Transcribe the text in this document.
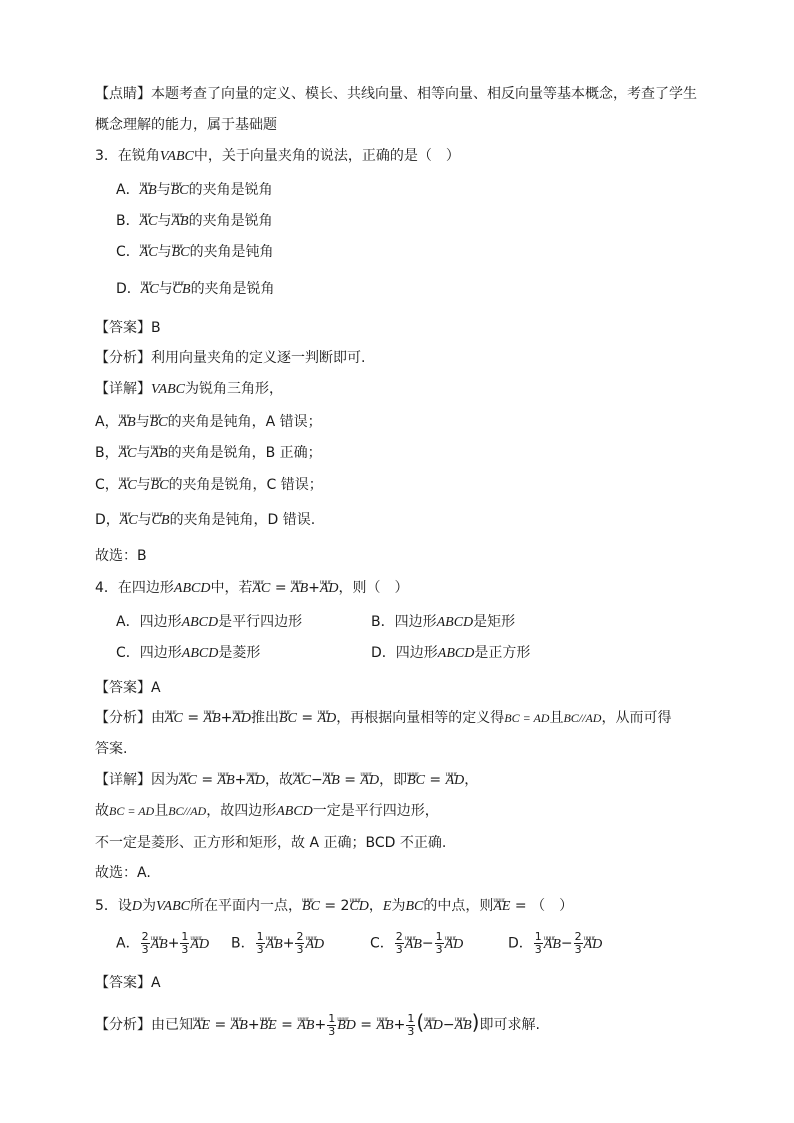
【点睛】本题考查了向量的定义、模长、共线向量、相等向量、相反向量等基本概念，考查了学生
概念理解的能力，属于基础题
3．在锐角VABC中，关于向量夹角的说法，正确的是（　）
A．uuur AB与uuur BC的夹角是锐角
B．uuur AC与uuur AB的夹角是锐角
C．uuur AC与uuur BC的夹角是钝角
D．uuur AC与uuur CB的夹角是锐角
【答案】B
【分析】利用向量夹角的定义逐一判断即可.
【详解】VABC为锐角三角形，
A，uuur AB与uuur BC的夹角是钝角，A 错误；
B，uuur AC与uuur AB的夹角是锐角，B 正确；
C，uuur AC与uuur BC的夹角是锐角，C 错误；
D，uuur AC与uuur CB的夹角是钝角，D 错误.
故选：B
4．在四边形ABCD中，若uuur AC = uuur AB+uuur AD，则（　）
A．四边形ABCD是平行四边形	B．四边形ABCD是矩形
C．四边形ABCD是菱形	D．四边形ABCD是正方形
【答案】A
【分析】由uuur AC = uuur AB+uuur AD推出uuur BC = uuur AD，再根据向量相等的定义得BC = AD且BC//AD，从而可得
答案.
【详解】因为uuur AC = uuur AB+uuur AD，故uuur AC−uuur AB = uuur AD，即uuur BC = uuur AD，
故BC = AD且BC//AD，故四边形ABCD一定是平行四边形，
不一定是菱形、正方形和矩形，故 A 正确；BCD 不正确.
故选：A.
5．设D为VABC所在平面内一点，uuur BC = 2uuur CD，E为BC的中点，则uuur AE = （　）
A． $\frac{2}{3}$ uuur $AB+ \frac{1}{3}$ uuur AD B． $\frac{1}{3}$ uuur $AB+ \frac{2}{3}$ uuur AD	C． $\frac{2}{3}$ uuur $AB- \frac{1}{3}$ uuur AD	D． $\frac{1}{3}$ uuur $AB- \frac{2}{3}$ uuur AD
【答案】A
【分析】由已知uuur AE = uuur AB+uuur BE = uuur $AB+ \frac{1}{3}$ uuur BD = uuur $AB+ \frac{1}{3}$ (uuur AD−uuur AB)即可求解.
